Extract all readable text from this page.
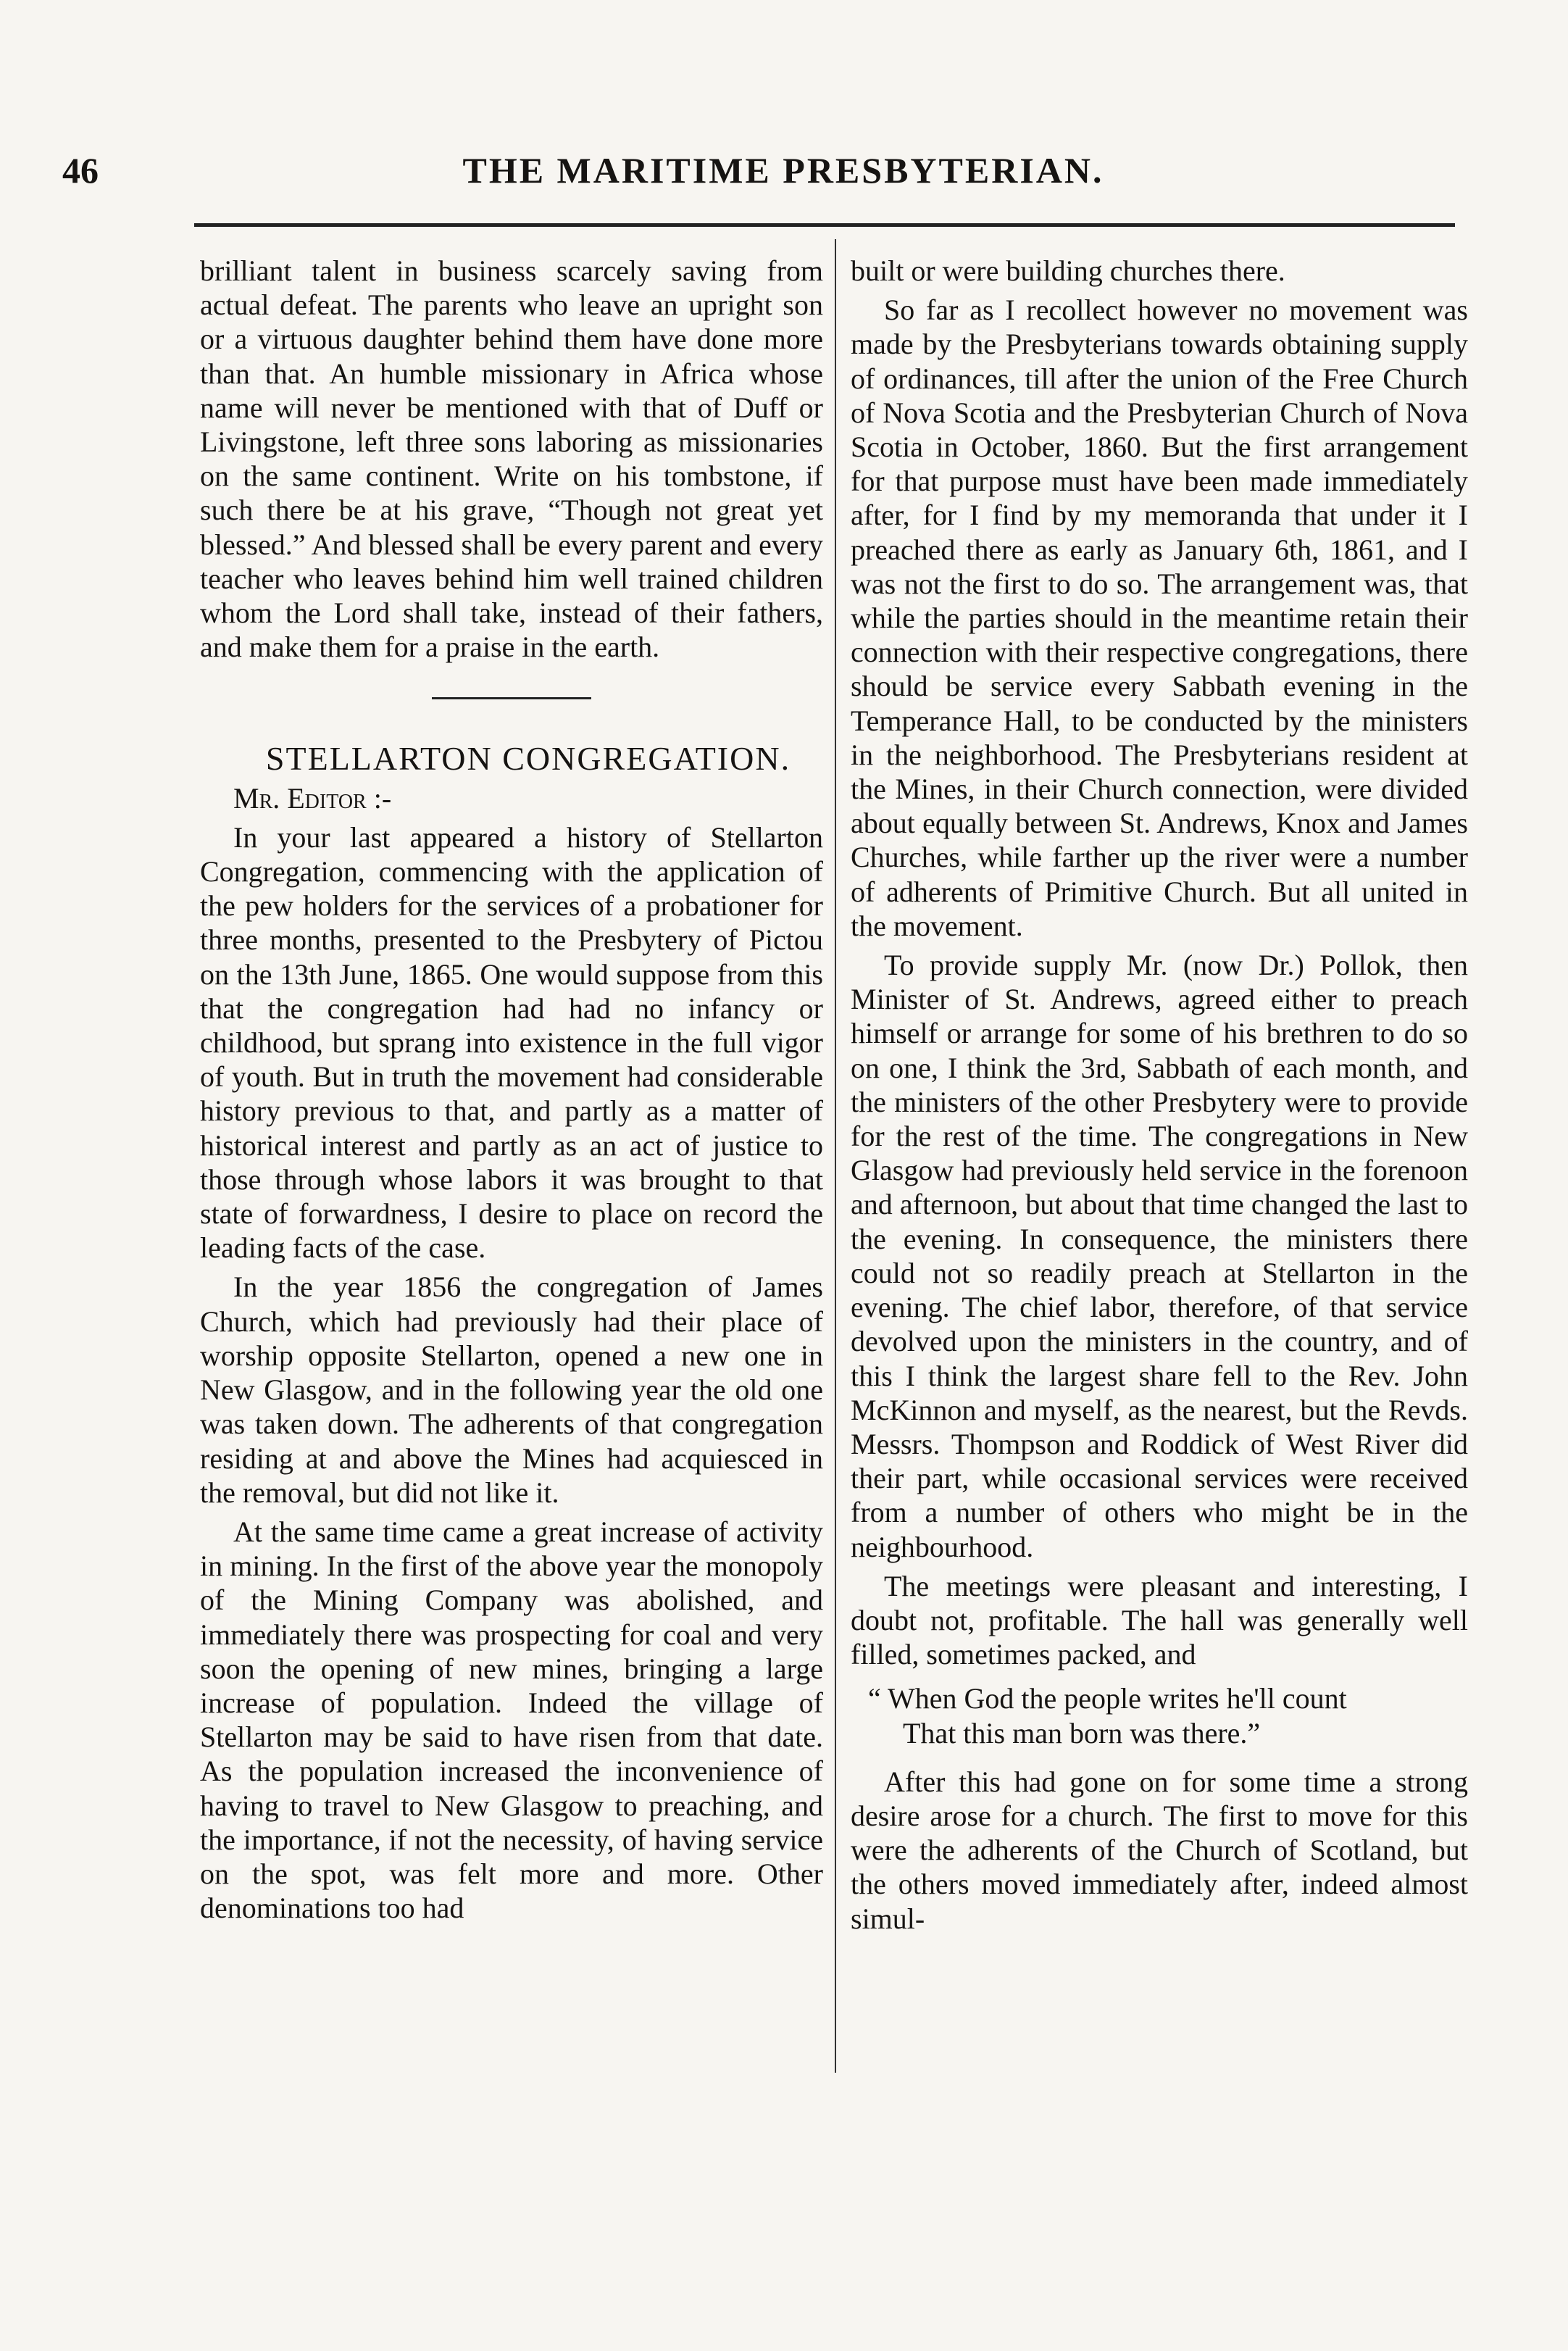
46	THE MARITIME PRESBYTERIAN.

brilliant talent in business scarcely saving from actual defeat. The parents who leave an upright son or a virtuous daughter behind them have done more than that. An humble missionary in Africa whose name will never be mentioned with that of Duff or Livingstone, left three sons laboring as missionaries on the same continent. Write on his tombstone, if such there be at his grave, “Though not great yet blessed.” And blessed shall be every parent and every teacher who leaves behind him well trained children whom the Lord shall take, instead of their fathers, and make them for a praise in the earth.

STELLARTON CONGREGATION.

Mr. Editor :-

In your last appeared a history of Stellarton Congregation, commencing with the application of the pew holders for the services of a probationer for three months, presented to the Presbytery of Pictou on the 13th June, 1865. One would suppose from this that the congregation had had no infancy or childhood, but sprang into existence in the full vigor of youth. But in truth the movement had considerable history previous to that, and partly as a matter of historical interest and partly as an act of justice to those through whose labors it was brought to that state of forwardness, I desire to place on record the leading facts of the case.

In the year 1856 the congregation of James Church, which had previously had their place of worship opposite Stellarton, opened a new one in New Glasgow, and in the following year the old one was taken down. The adherents of that congregation residing at and above the Mines had acquiesced in the removal, but did not like it.

At the same time came a great increase of activity in mining. In the first of the above year the monopoly of the Mining Company was abolished, and immediately there was prospecting for coal and very soon the opening of new mines, bringing a large increase of population. Indeed the village of Stellarton may be said to have risen from that date. As the population increased the inconvenience of having to travel to New Glasgow to preaching, and the importance, if not the necessity, of having service on the spot, was felt more and more. Other denominations too had

built or were building churches there.

So far as I recollect however no movement was made by the Presbyterians towards obtaining supply of ordinances, till after the union of the Free Church of Nova Scotia and the Presbyterian Church of Nova Scotia in October, 1860. But the first arrangement for that purpose must have been made immediately after, for I find by my memoranda that under it I preached there as early as January 6th, 1861, and I was not the first to do so. The arrangement was, that while the parties should in the meantime retain their connection with their respective congregations, there should be service every Sabbath evening in the Temperance Hall, to be conducted by the ministers in the neighborhood. The Presbyterians resident at the Mines, in their Church connection, were divided about equally between St. Andrews, Knox and James Churches, while farther up the river were a number of adherents of Primitive Church. But all united in the movement.

To provide supply Mr. (now Dr.) Pollok, then Minister of St. Andrews, agreed either to preach himself or arrange for some of his brethren to do so on one, I think the 3rd, Sabbath of each month, and the ministers of the other Presbytery were to provide for the rest of the time. The congregations in New Glasgow had previously held service in the forenoon and afternoon, but about that time changed the last to the evening. In consequence, the ministers there could not so readily preach at Stellarton in the evening. The chief labor, therefore, of that service devolved upon the ministers in the country, and of this I think the largest share fell to the Rev. John McKinnon and myself, as the nearest, but the Revds. Messrs. Thompson and Roddick of West River did their part, while occasional services were received from a number of others who might be in the neighbourhood.

The meetings were pleasant and interesting, I doubt not, profitable. The hall was generally well filled, sometimes packed, and

“ When God the people writes he'll count
That this man born was there.”

After this had gone on for some time a strong desire arose for a church. The first to move for this were the adherents of the Church of Scotland, but the others moved immediately after, indeed almost simul-
